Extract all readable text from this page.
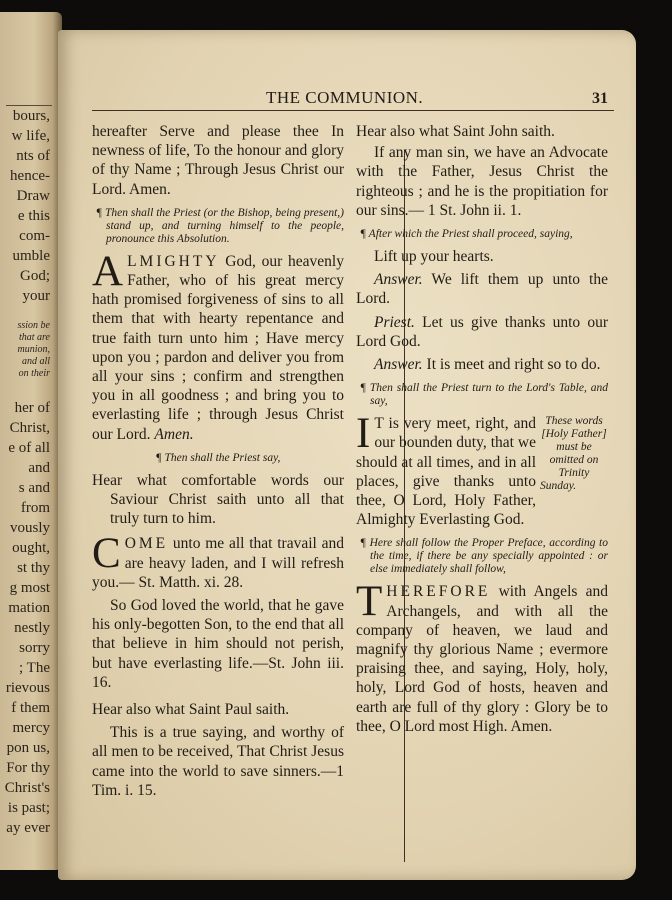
bours,
w life,
nts of
hence-
Draw
e this
com-
umble
God;
your
ssion be
that are
munion,
and all
on their
her of
Christ,
e of all
and
s and
from
vously
ought,
st thy
g most
mation
nestly
sorry
; The
rievous
f them
mercy
pon us,
For thy
Christ's
is past;
ay ever
THE COMMUNION.	31

hereafter Serve and please thee In newness of life, To the honour and glory of thy Name ; Through Jesus Christ our Lord. Amen.

¶ Then shall the Priest (or the Bishop, being present,) stand up, and turning himself to the people, pronounce this Absolution.

ALMIGHTY God, our heavenly Father, who of his great mercy hath promised forgiveness of sins to all them that with hearty repentance and true faith turn unto him ; Have mercy upon you ; pardon and deliver you from all your sins ; confirm and strengthen you in all goodness ; and bring you to everlasting life ; through Jesus Christ our Lord. Amen.

¶ Then shall the Priest say,

Hear what comfortable words our Saviour Christ saith unto all that truly turn to him.

COME unto me all that travail and are heavy laden, and I will refresh you.— St. Matth. xi. 28.

So God loved the world, that he gave his only-begotten Son, to the end that all that believe in him should not perish, but have everlasting life.—St. John iii. 16.

Hear also what Saint Paul saith.

This is a true saying, and worthy of all men to be received, That Christ Jesus came into the world to save sinners.—1 Tim. i. 15.

Hear also what Saint John saith.

If any man sin, we have an Advocate with the Father, Jesus Christ the righteous ; and he is the propitiation for our sins.— 1 St. John ii. 1.

¶ After which the Priest shall proceed, saying,

Lift up your hearts.

Answer. We lift them up unto the Lord.

Priest. Let us give thanks unto our Lord God.

Answer. It is meet and right so to do.

¶ Then shall the Priest turn to the Lord's Table, and say,

I	These words [Holy Father] must be omitted on Trinity Sunday.
T is very meet, right, and our bounden duty, that we should at all times, and in all places, give thanks unto thee, O Lord, Holy Father, Almighty Everlasting God.

¶ Here shall follow the Proper Preface, according to the time, if there be any specially appointed : or else immediately shall follow,

THEREFORE with Angels and Archangels, and with all the company of heaven, we laud and magnify thy glorious Name ; evermore praising thee, and saying, Holy, holy, holy, Lord God of hosts, heaven and earth are full of thy glory : Glory be to thee, O Lord most High. Amen.
